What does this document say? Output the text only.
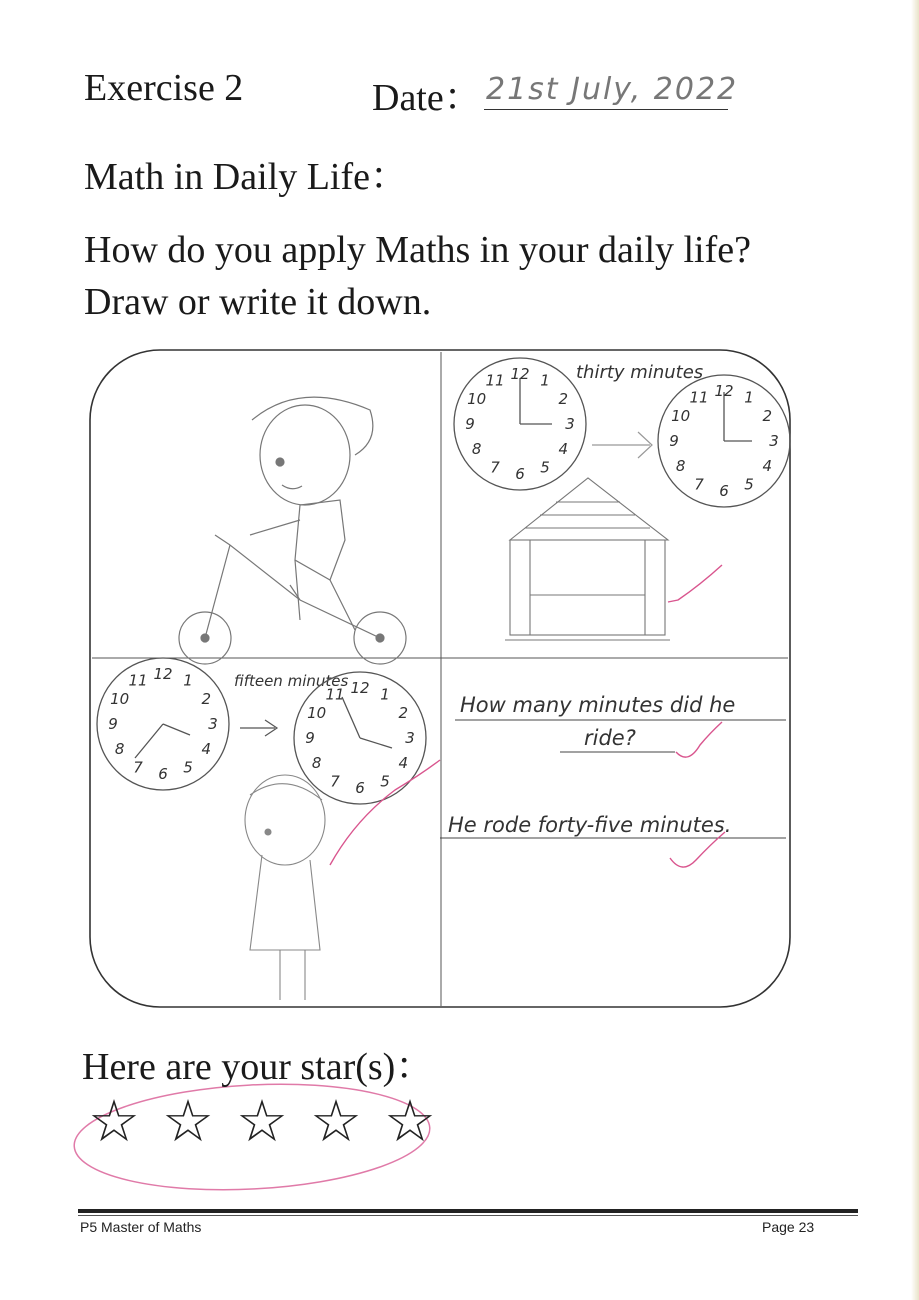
Exercise 2	Date： 21st July, 2022
Math in Daily Life：
How do you apply Maths in your daily life?
Draw or write it down.
12 1
2
3
4
5
6
7
8
9
10
11	thirty minutes
12 1
2
3
4
5
6
7
8
9
10
11
12 1
2
3
4
5
6
7
8
9
10
11	fifteen minutes 12 1
2
3
4
5
6
7
8
9
10
11	How many minutes did he
ride?
He rode forty-five minutes.
Here are your star(s)：
☆ ☆ ☆ ☆ ☆
P5 Master of Maths	Page 23
